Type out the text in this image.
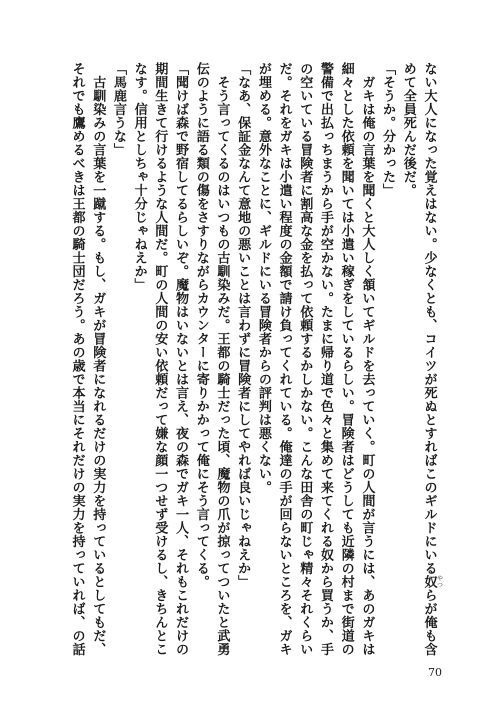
ない大人になった覚えはない。少なくとも、コイツが死ぬとすればこのギルドにいる奴 やつらが俺も含

めて全員死んだ後だ。

「そうか。分かった」

　ガキは俺の言葉を聞くと大人しく頷いてギルドを去っていく。町の人間が言うには、あのガキは

細々とした依頼を聞いては小遣い稼ぎをしているらしい。冒険者はどうしても近隣の村まで街道の

警備で出払っちまうから手が空かない。たまに帰り道で色々と集めて来てくれる奴から買うか、手

の空いている冒険者に割高な金を払って依頼するかしかない。こんな田舎の町じゃ精々それくらい

だ。それをガキは小遣い程度の金額で請け負ってくれている。俺達の手が回らないところを、ガキ

が埋める。意外なことに、ギルドにいる冒険者からの評判は悪くない。

「なあ、保証金なんて意地の悪いことは言わずに冒険者にしてやれば良いじゃねえか」

　そう言ってくるのはいつもの古馴染みだ。王都の騎士だった頃、魔物の爪が掠ってついたと武勇

伝のように語る類の傷をさすりながらカウンターに寄りかかって俺にそう言ってくる。

「聞けば森で野宿してるらしいぞ。魔物はいないとは言え、夜の森でガキ一人、それもこれだけの

期間生きて行けるような人間だ。町の人間の安い依頼だって嫌な顔一つせず受けるし、きちんとこ

なす。信用としちゃ十分じゃねえか」

「馬鹿言うな」

　古馴染みの言葉を一蹴する。もし、ガキが冒険者になれるだけの実力を持っているとしてもだ、

それでも鷹めるべきは王都の騎士団だろう。あの歳で本当にそれだけの実力を持っていれば、の話

70
